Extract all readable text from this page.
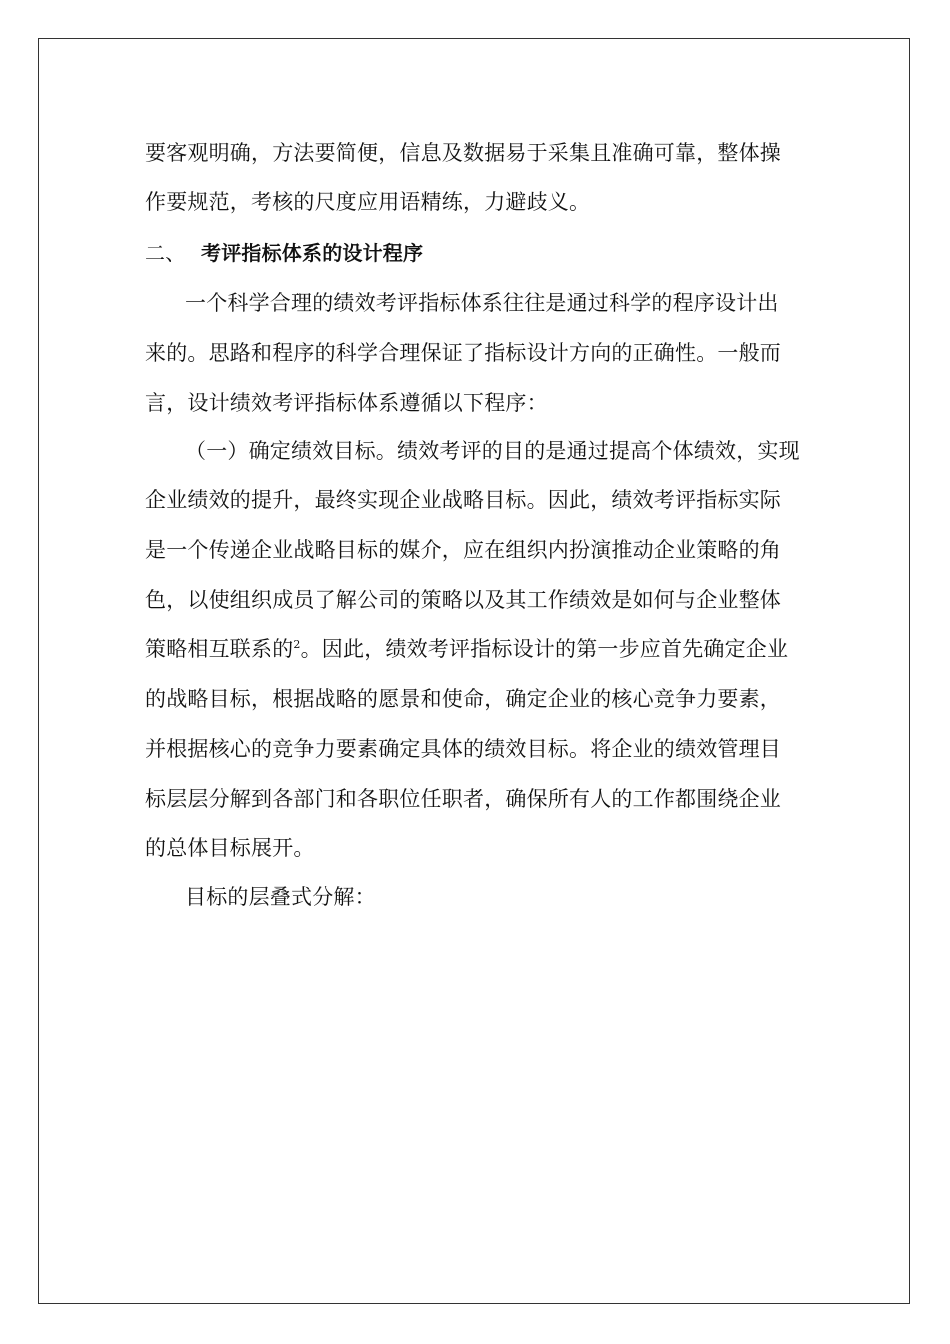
要客观明确，方法要简便，信息及数据易于采集且准确可靠，整体操
作要规范，考核的尺度应用语精练，力避歧义。
二、 考评指标体系的设计程序
一个科学合理的绩效考评指标体系往往是通过科学的程序设计出
来的。思路和程序的科学合理保证了指标设计方向的正确性。一般而
言，设计绩效考评指标体系遵循以下程序：
（一）确定绩效目标。绩效考评的目的是通过提高个体绩效，实现
企业绩效的提升，最终实现企业战略目标。因此，绩效考评指标实际
是一个传递企业战略目标的媒介，应在组织内扮演推动企业策略的角
色，以使组织成员了解公司的策略以及其工作绩效是如何与企业整体
策略相互联系的$^2$。因此，绩效考评指标设计的第一步应首先确定企业
的战略目标，根据战略的愿景和使命，确定企业的核心竞争力要素，
并根据核心的竞争力要素确定具体的绩效目标。将企业的绩效管理目
标层层分解到各部门和各职位任职者，确保所有人的工作都围绕企业
的总体目标展开。
目标的层叠式分解：
